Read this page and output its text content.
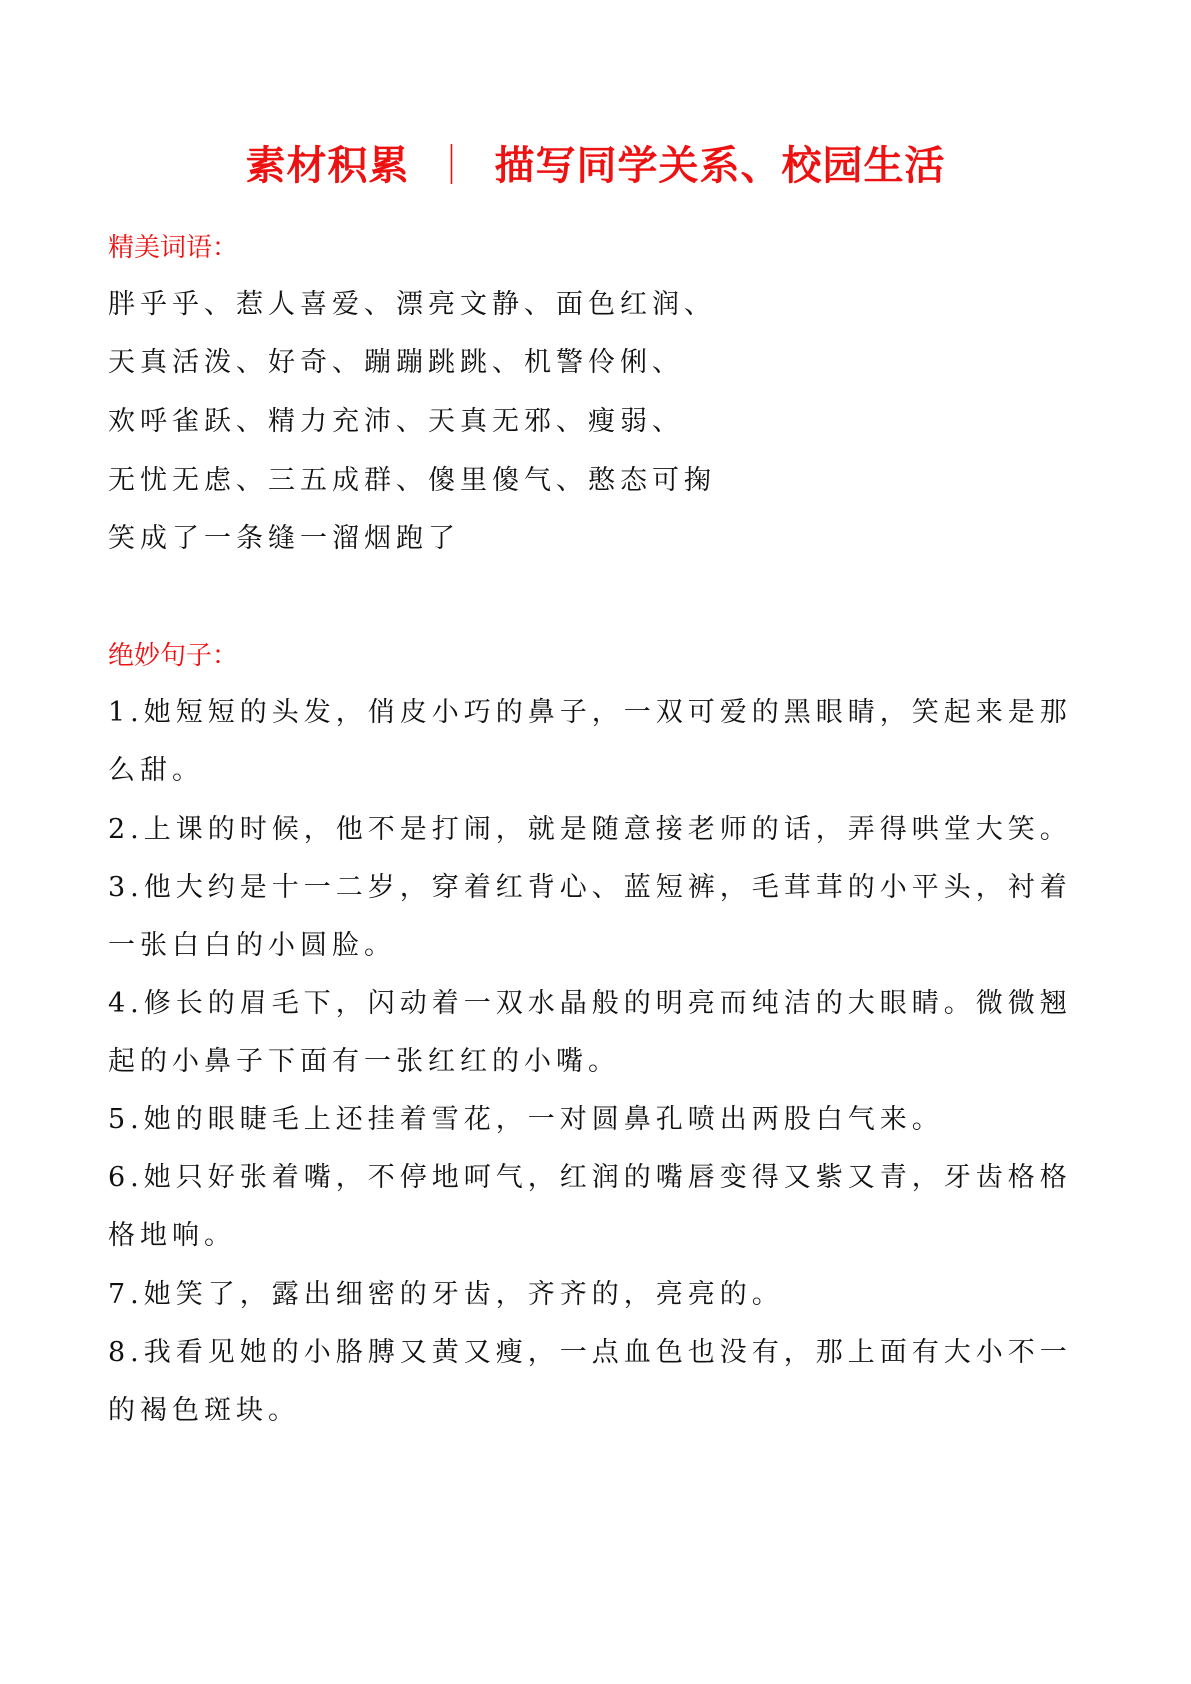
素材积累 ｜ 描写同学关系、校园生活
精美词语：
胖乎乎、惹人喜爱、漂亮文静、面色红润、
天真活泼、好奇、蹦蹦跳跳、机警伶俐、
欢呼雀跃、精力充沛、天真无邪、瘦弱、
无忧无虑、三五成群、傻里傻气、憨态可掬
笑成了一条缝一溜烟跑了
绝妙句子：
1.她短短的头发，俏皮小巧的鼻子，一双可爱的黑眼睛，笑起来是那
么甜。
2.上课的时候，他不是打闹，就是随意接老师的话，弄得哄堂大笑。
3.他大约是十一二岁，穿着红背心、蓝短裤，毛茸茸的小平头，衬着
一张白白的小圆脸。
4.修长的眉毛下，闪动着一双水晶般的明亮而纯洁的大眼睛。微微翘
起的小鼻子下面有一张红红的小嘴。
5.她的眼睫毛上还挂着雪花，一对圆鼻孔喷出两股白气来。
6.她只好张着嘴，不停地呵气，红润的嘴唇变得又紫又青，牙齿格格
格地响。
7.她笑了，露出细密的牙齿，齐齐的，亮亮的。
8.我看见她的小胳膊又黄又瘦，一点血色也没有，那上面有大小不一
的褐色斑块。
